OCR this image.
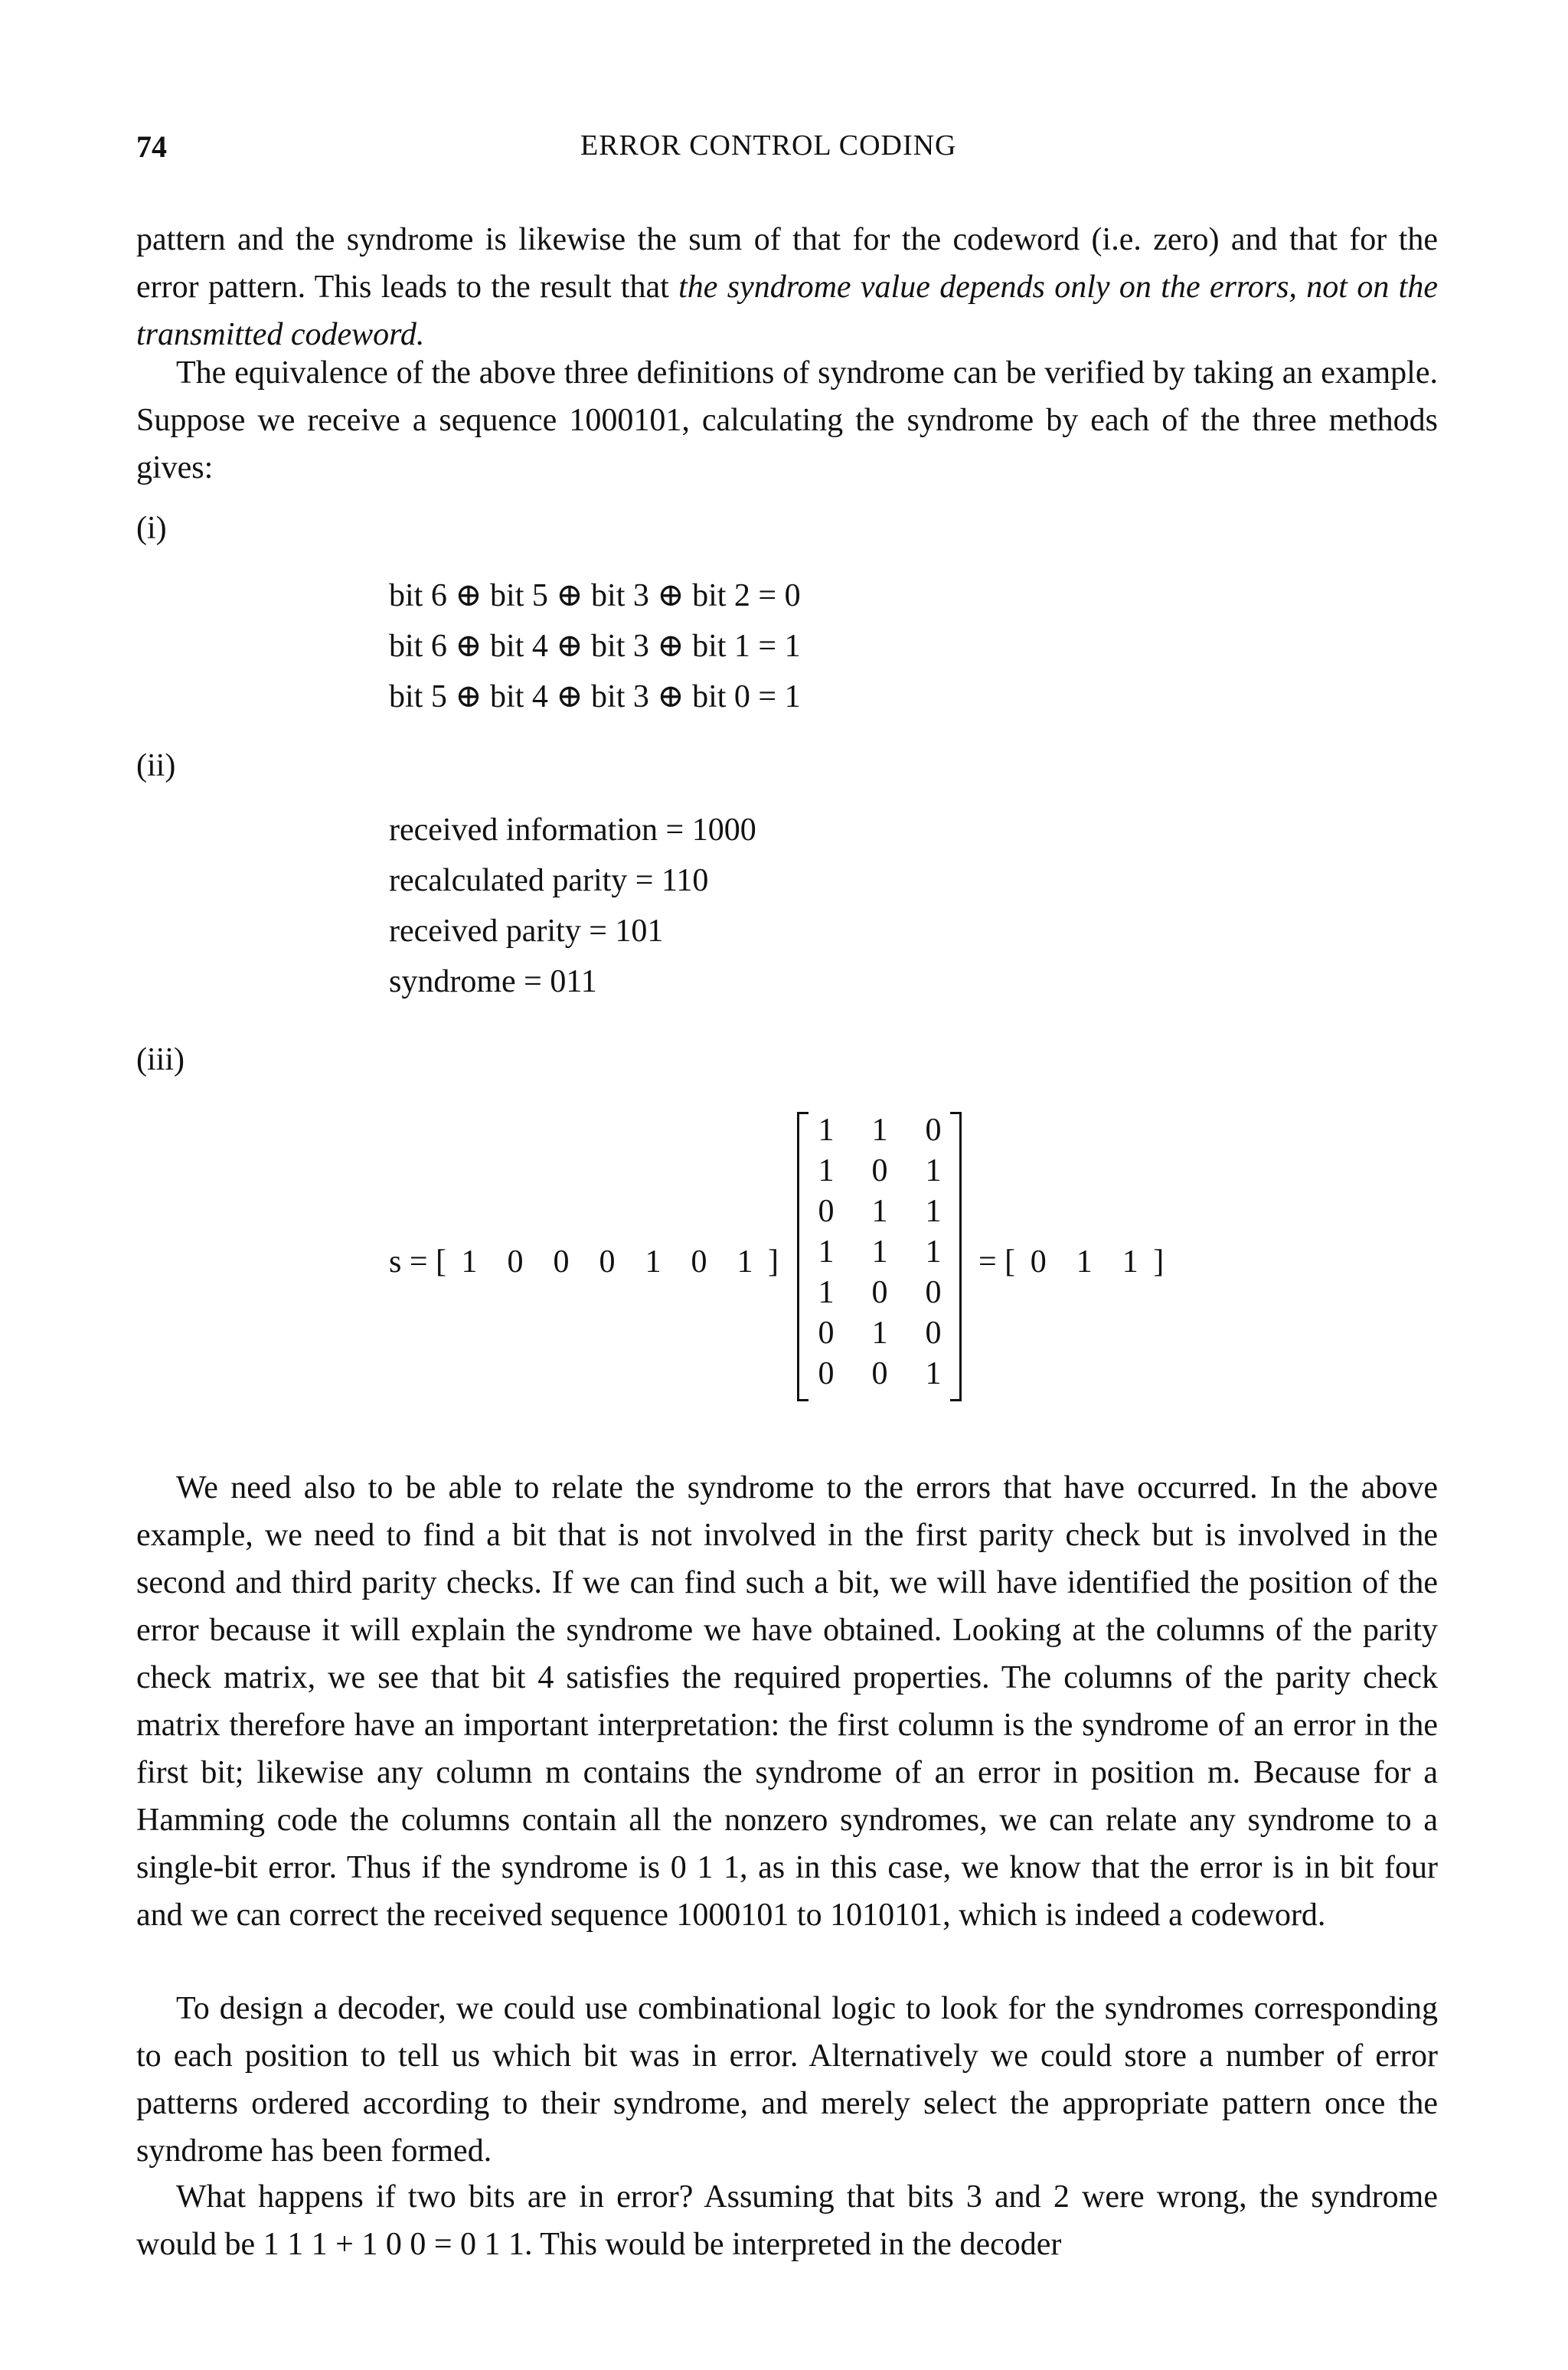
74	ERROR CONTROL CODING

pattern and the syndrome is likewise the sum of that for the codeword (i.e. zero) and that for the error pattern. This leads to the result that the syndrome value depends only on the errors, not on the transmitted codeword.

The equivalence of the above three definitions of syndrome can be verified by taking an example. Suppose we receive a sequence 1000101, calculating the syndrome by each of the three methods gives:

(i)
bit 6 ⊕ bit 5 ⊕ bit 3 ⊕ bit 2 = 0
bit 6 ⊕ bit 4 ⊕ bit 3 ⊕ bit 1 = 1
bit 5 ⊕ bit 4 ⊕ bit 3 ⊕ bit 0 = 1
(ii)
received information = 1000
recalculated parity = 110
received parity = 101
syndrome = 011
(iii)
s = [ 1 0 0 0 1 0 1 ]
1 1 0
1 0 1
0 1 1
1 1 1
1 0 0
0 1 0
0 0 1
= [ 0 1 1 ]

We need also to be able to relate the syndrome to the errors that have occurred. In the above example, we need to find a bit that is not involved in the first parity check but is involved in the second and third parity checks. If we can find such a bit, we will have identified the position of the error because it will explain the syndrome we have obtained. Looking at the columns of the parity check matrix, we see that bit 4 satisfies the required properties. The columns of the parity check matrix therefore have an important interpretation: the first column is the syndrome of an error in the first bit; likewise any column m contains the syndrome of an error in position m. Because for a Hamming code the columns contain all the nonzero syndromes, we can relate any syndrome to a single-bit error. Thus if the syndrome is 0 1 1, as in this case, we know that the error is in bit four and we can correct the received sequence 1000101 to 1010101, which is indeed a codeword.

To design a decoder, we could use combinational logic to look for the syndromes corresponding to each position to tell us which bit was in error. Alternatively we could store a number of error patterns ordered according to their syndrome, and merely select the appropriate pattern once the syndrome has been formed.

What happens if two bits are in error? Assuming that bits 3 and 2 were wrong, the syndrome would be 1 1 1 + 1 0 0 = 0 1 1. This would be interpreted in the decoder
